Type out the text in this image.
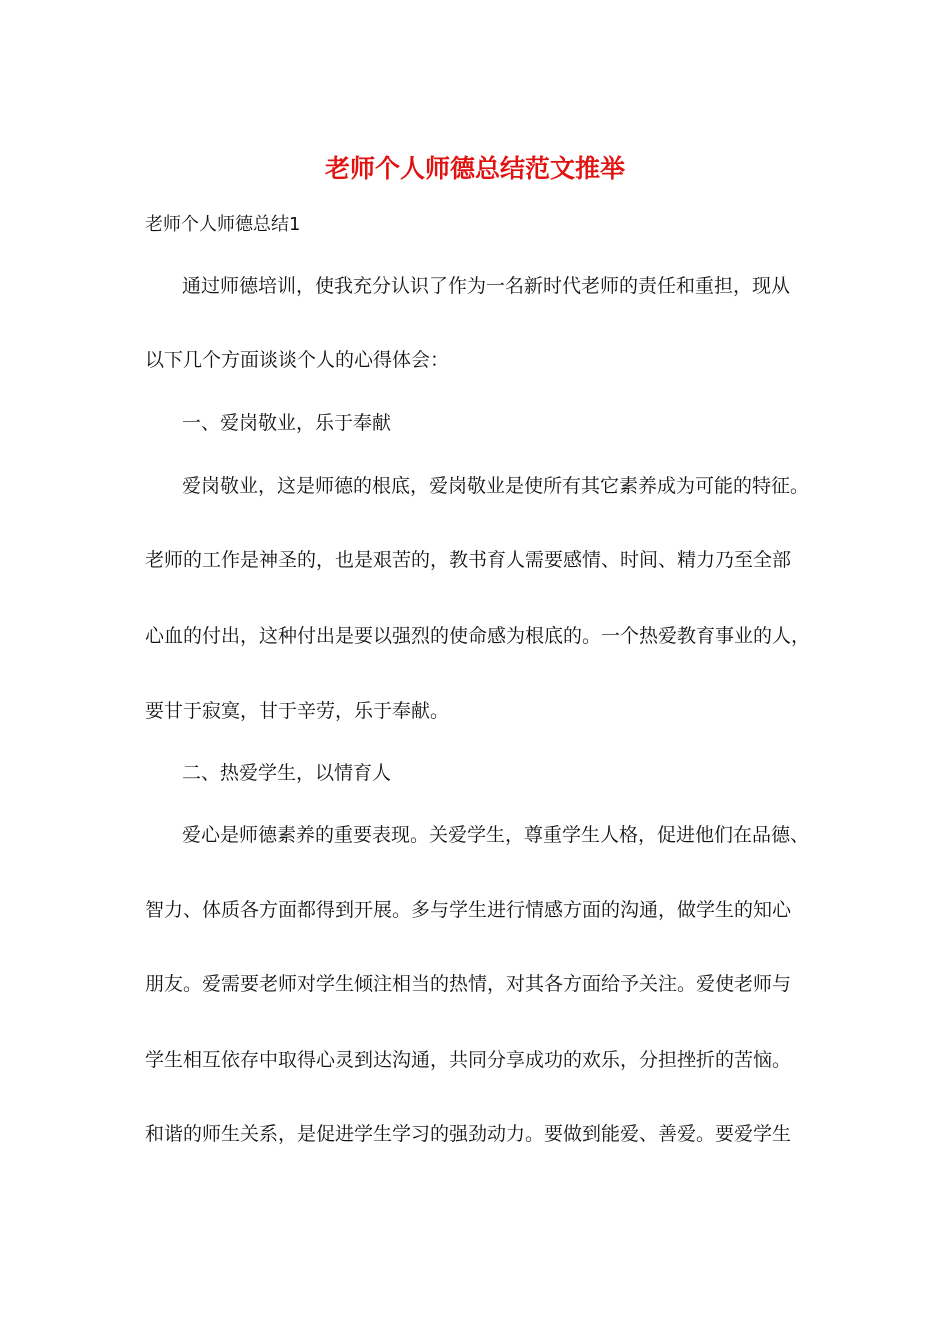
老师个人师德总结范文推举
老师个人师德总结1
通过师德培训，使我充分认识了作为一名新时代老师的责任和重担，现从
以下几个方面谈谈个人的心得体会：
一、爱岗敬业，乐于奉献
爱岗敬业，这是师德的根底，爱岗敬业是使所有其它素养成为可能的特征。
老师的工作是神圣的，也是艰苦的，教书育人需要感情、时间、精力乃至全部
心血的付出，这种付出是要以强烈的使命感为根底的。一个热爱教育事业的人，
要甘于寂寞，甘于辛劳，乐于奉献。
二、热爱学生，以情育人
爱心是师德素养的重要表现。关爱学生，尊重学生人格，促进他们在品德、
智力、体质各方面都得到开展。多与学生进行情感方面的沟通，做学生的知心
朋友。爱需要老师对学生倾注相当的热情，对其各方面给予关注。爱使老师与
学生相互依存中取得心灵到达沟通，共同分享成功的欢乐，分担挫折的苦恼。
和谐的师生关系，是促进学生学习的强劲动力。要做到能爱、善爱。要爱学生
